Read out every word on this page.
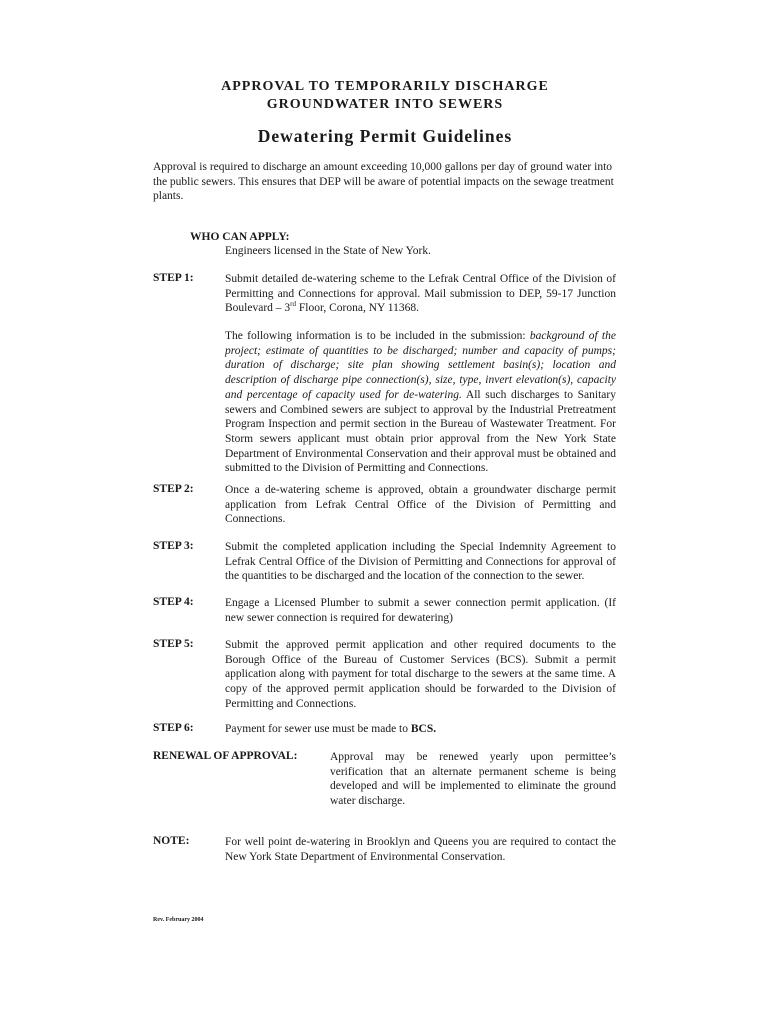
APPROVAL TO TEMPORARILY DISCHARGE
GROUNDWATER INTO SEWERS
Dewatering Permit Guidelines
Approval is required to discharge an amount exceeding 10,000 gallons per day of ground water into the public sewers. This ensures that DEP will be aware of potential impacts on the sewage treatment plants.
WHO CAN APPLY:
Engineers licensed in the State of New York.
STEP 1:	Submit detailed de-watering scheme to the Lefrak Central Office of the Division of Permitting and Connections for approval. Mail submission to DEP, 59-17 Junction Boulevard – 3rd Floor, Corona, NY 11368.
The following information is to be included in the submission: background of the project; estimate of quantities to be discharged; number and capacity of pumps; duration of discharge; site plan showing settlement basin(s); location and description of discharge pipe connection(s), size, type, invert elevation(s), capacity and percentage of capacity used for de-watering. All such discharges to Sanitary sewers and Combined sewers are subject to approval by the Industrial Pretreatment Program Inspection and permit section in the Bureau of Wastewater Treatment. For Storm sewers applicant must obtain prior approval from the New York State Department of Environmental Conservation and their approval must be obtained and submitted to the Division of Permitting and Connections.
STEP 2:	Once a de-watering scheme is approved, obtain a groundwater discharge permit application from Lefrak Central Office of the Division of Permitting and Connections.
STEP 3:	Submit the completed application including the Special Indemnity Agreement to Lefrak Central Office of the Division of Permitting and Connections for approval of the quantities to be discharged and the location of the connection to the sewer.
STEP 4:	Engage a Licensed Plumber to submit a sewer connection permit application. (If new sewer connection is required for dewatering)
STEP 5:	Submit the approved permit application and other required documents to the Borough Office of the Bureau of Customer Services (BCS). Submit a permit application along with payment for total discharge to the sewers at the same time. A copy of the approved permit application should be forwarded to the Division of Permitting and Connections.
STEP 6:	Payment for sewer use must be made to BCS.
RENEWAL OF APPROVAL:	Approval may be renewed yearly upon permittee’s verification that an alternate permanent scheme is being developed and will be implemented to eliminate the ground water discharge.
NOTE:	For well point de-watering in Brooklyn and Queens you are required to contact the New York State Department of Environmental Conservation.
Rev. February 2004
